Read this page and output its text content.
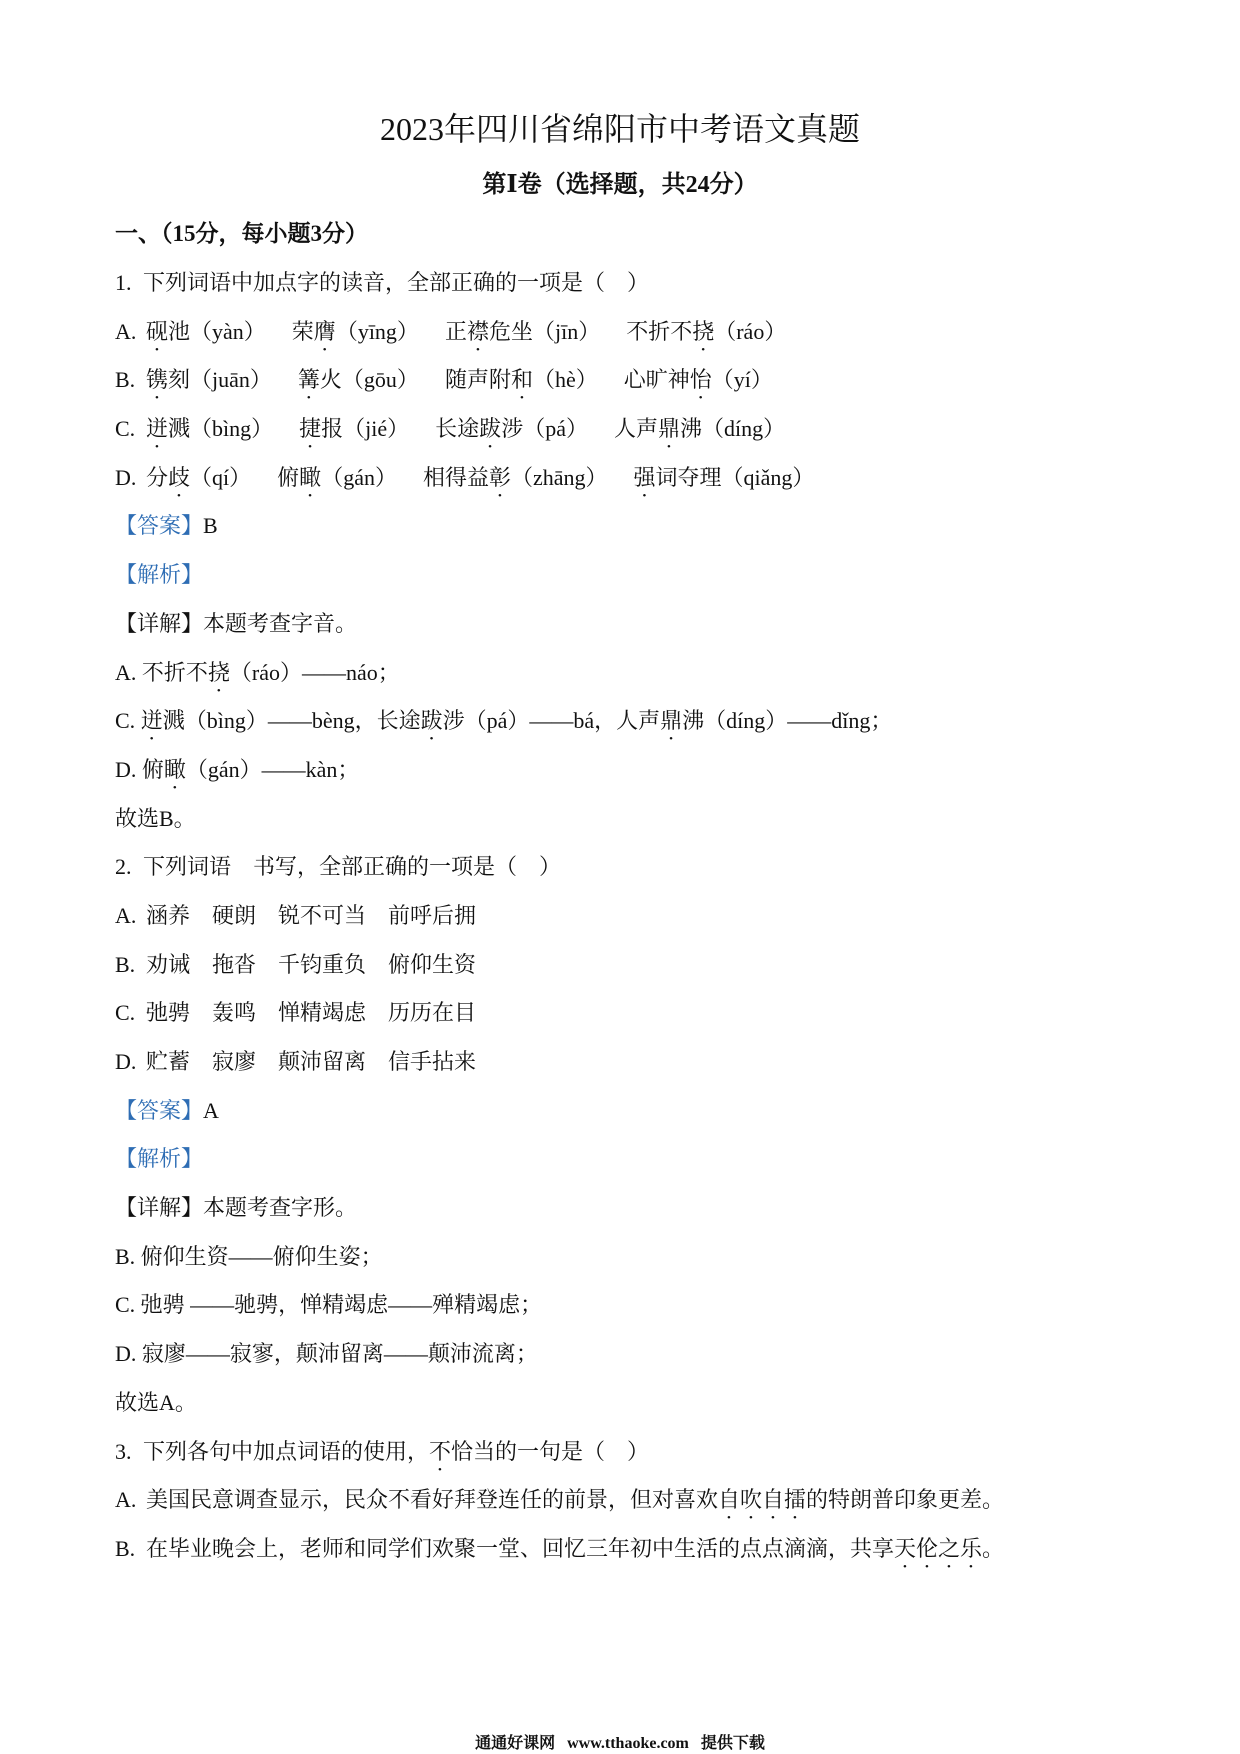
2023年四川省绵阳市中考语文真题
第Ⅰ卷（选择题，共24分）
一、（15分，每小题3分）
1. 下列词语中加点字的读音，全部正确的一项是（　）
A. 砚池（yàn） 荣膺（yīng） 正襟危坐（jīn） 不折不挠（ráo）
B. 镌刻（juān） 篝火（gōu） 随声附和（hè） 心旷神怡（yí）
C. 迸溅（bìng） 捷报（jié） 长途跋涉（pá） 人声鼎沸（díng）
D. 分歧（qí） 俯瞰（gán） 相得益彰（zhāng） 强词夺理（qiǎng）
【答案】B
【解析】
【详解】本题考查字音。
A. 不折不挠（ráo）——náo；
C. 迸溅（bìng）——bèng，长途跋涉（pá）——bá，人声鼎沸（díng）——dǐng；
D. 俯瞰（gán）——kàn；
故选B。
2. 下列词语　书写，全部正确的一项是（　）
A. 涵养 硬朗 锐不可当 前呼后拥
B. 劝诫 拖沓 千钧重负 俯仰生资
C. 弛骋 轰鸣 惮精竭虑 历历在目
D. 贮蓄 寂廖 颠沛留离 信手拈来
【答案】A
【解析】
【详解】本题考查字形。
B. 俯仰生资——俯仰生姿；
C. 弛骋 ——驰骋，惮精竭虑——殚精竭虑；
D. 寂廖——寂寥，颠沛留离——颠沛流离；
故选A。
3. 下列各句中加点词语的使用，不恰当的一句是（　）
A. 美国民意调查显示，民众不看好拜登连任的前景，但对喜欢自吹自擂的特朗普印象更差。
B. 在毕业晚会上，老师和同学们欢聚一堂、回忆三年初中生活的点点滴滴，共享天伦之乐。
通通好课网 www.tthaoke.com 提供下载
